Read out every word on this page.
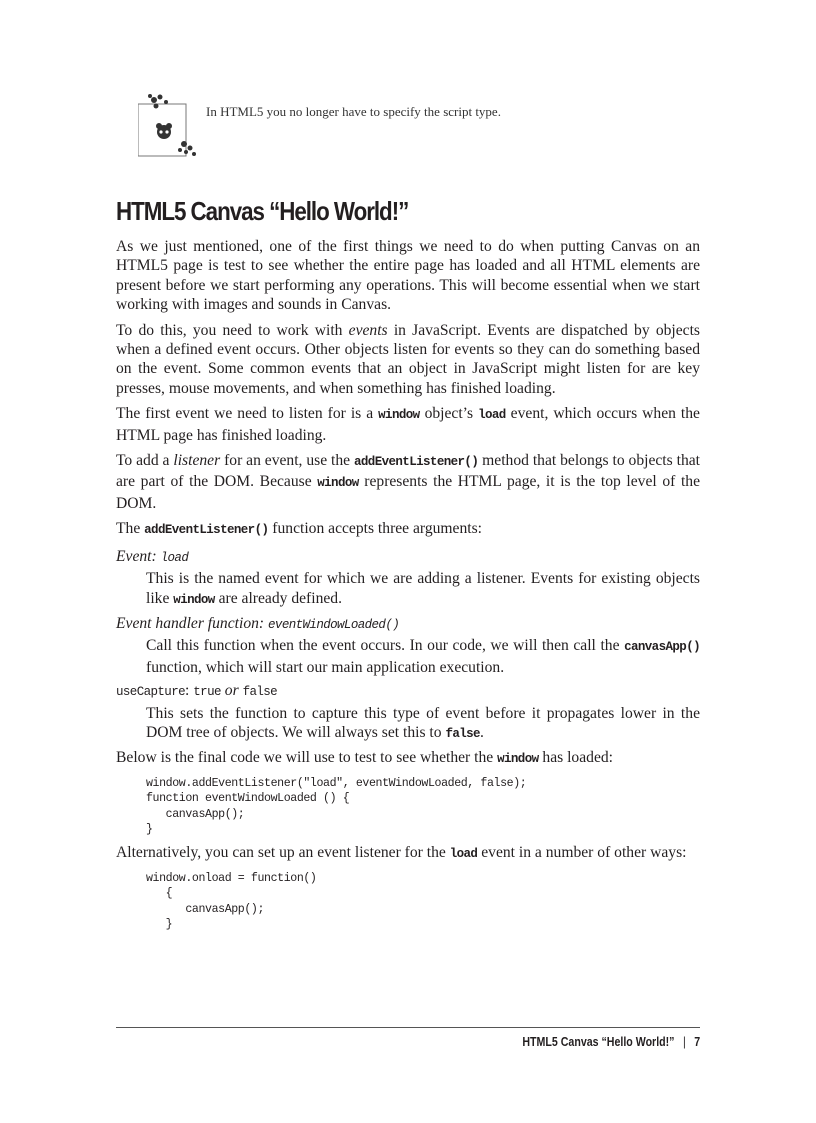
In HTML5 you no longer have to specify the script type.
HTML5 Canvas “Hello World!”

As we just mentioned, one of the first things we need to do when putting Canvas on an HTML5 page is test to see whether the entire page has loaded and all HTML elements are present before we start performing any operations. This will become essential when we start working with images and sounds in Canvas.

To do this, you need to work with events in JavaScript. Events are dispatched by objects when a defined event occurs. Other objects listen for events so they can do something based on the event. Some common events that an object in JavaScript might listen for are key presses, mouse movements, and when something has finished loading.

The first event we need to listen for is a window object’s load event, which occurs when the HTML page has finished loading.

To add a listener for an event, use the addEventListener() method that belongs to objects that are part of the DOM. Because window represents the HTML page, it is the top level of the DOM.

The addEventListener() function accepts three arguments:

Event: load
This is the named event for which we are adding a listener. Events for existing objects like window are already defined.
Event handler function: eventWindowLoaded()
Call this function when the event occurs. In our code, we will then call the canvasApp() function, which will start our main application execution.
useCapture: true or false
This sets the function to capture this type of event before it propagates lower in the DOM tree of objects. We will always set this to false.

Below is the final code we will use to test to see whether the window has loaded:

window.addEventListener("load", eventWindowLoaded, false);
function eventWindowLoaded () {
canvasApp();
}

Alternatively, you can set up an event listener for the load event in a number of other ways:

window.onload = function()
{
canvasApp();
}
HTML5 Canvas “Hello World!” | 7
